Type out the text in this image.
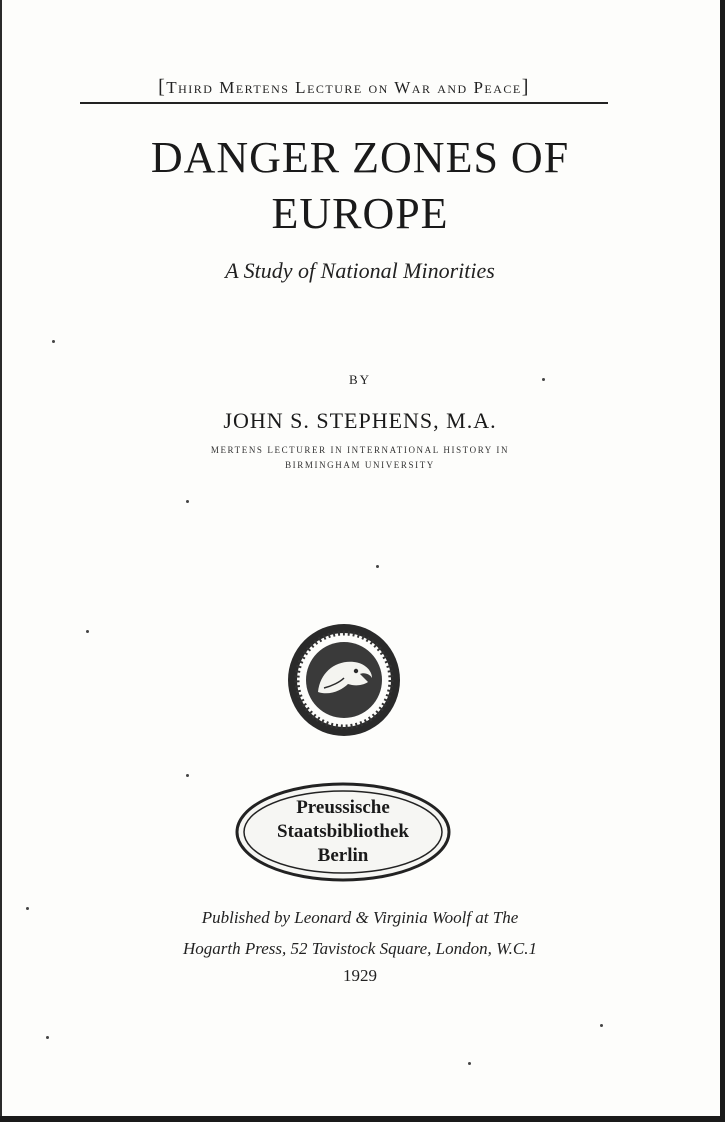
[Third Mertens Lecture on War and Peace]
DANGER ZONES OF
EUROPE
A Study of National Minorities
BY
JOHN S. STEPHENS, M.A.
MERTENS LECTURER IN INTERNATIONAL HISTORY IN
BIRMINGHAM UNIVERSITY
Preussische
Staatsbibliothek
Berlin
Published by Leonard & Virginia Woolf at The
Hogarth Press, 52 Tavistock Square, London, W.C.1
1929
